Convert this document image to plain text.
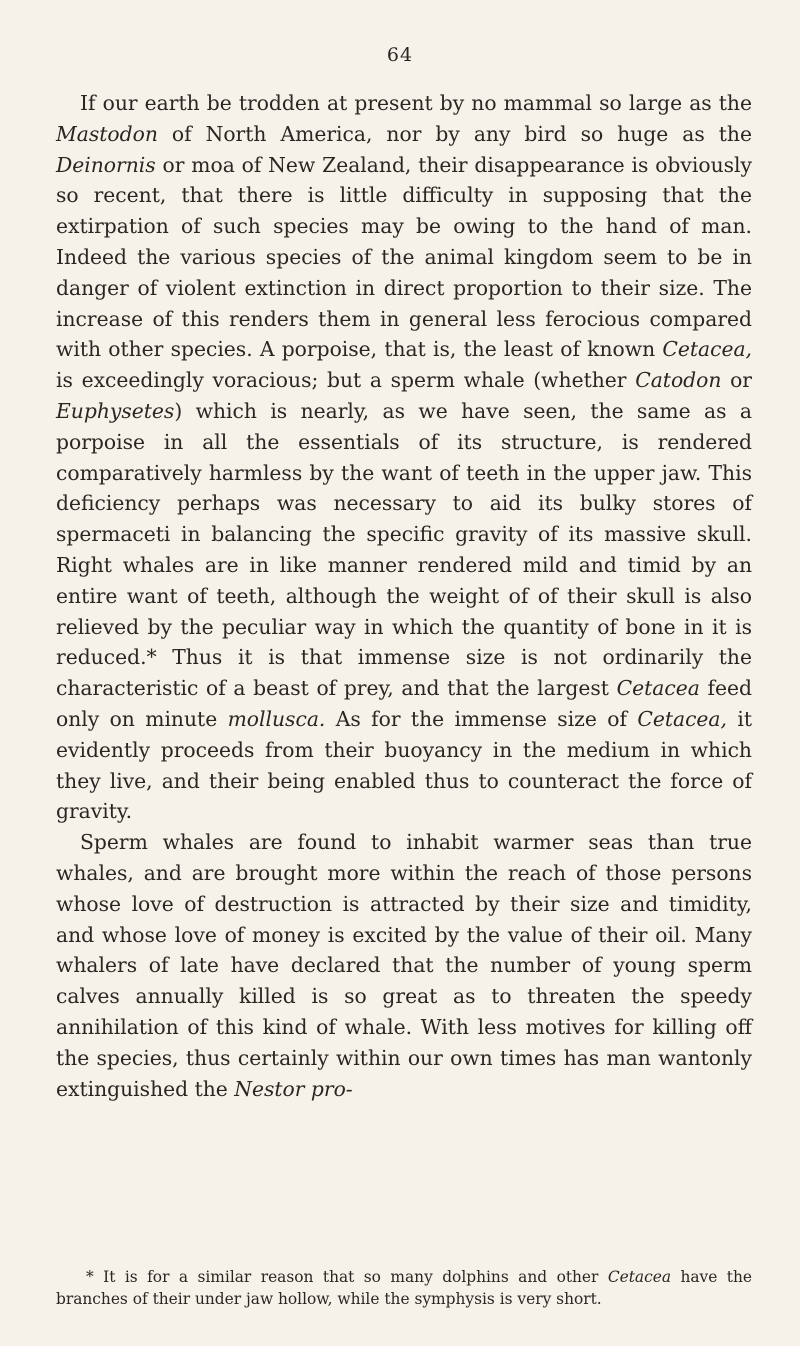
64

If our earth be trodden at present by no mammal so large as the Mastodon of North America, nor by any bird so huge as the Deinornis or moa of New Zealand, their disappearance is obviously so recent, that there is little difficulty in supposing that the extirpation of such species may be owing to the hand of man. Indeed the various species of the animal kingdom seem to be in danger of violent extinction in direct proportion to their size. The increase of this renders them in general less ferocious compared with other species. A porpoise, that is, the least of known Cetacea, is exceedingly voracious; but a sperm whale (whether Catodon or Euphysetes) which is nearly, as we have seen, the same as a porpoise in all the essentials of its structure, is rendered comparatively harmless by the want of teeth in the upper jaw. This deficiency perhaps was necessary to aid its bulky stores of spermaceti in balancing the specific gravity of its massive skull. Right whales are in like manner rendered mild and timid by an entire want of teeth, although the weight of of their skull is also relieved by the peculiar way in which the quantity of bone in it is reduced.* Thus it is that immense size is not ordinarily the characteristic of a beast of prey, and that the largest Cetacea feed only on minute mollusca. As for the immense size of Cetacea, it evidently proceeds from their buoyancy in the medium in which they live, and their being enabled thus to counteract the force of gravity.

Sperm whales are found to inhabit warmer seas than true whales, and are brought more within the reach of those persons whose love of destruction is attracted by their size and timidity, and whose love of money is excited by the value of their oil. Many whalers of late have declared that the number of young sperm calves annually killed is so great as to threaten the speedy annihilation of this kind of whale. With less motives for killing off the species, thus certainly within our own times has man wantonly extinguished the Nestor pro-

* It is for a similar reason that so many dolphins and other Cetacea have the branches of their under jaw hollow, while the symphysis is very short.
